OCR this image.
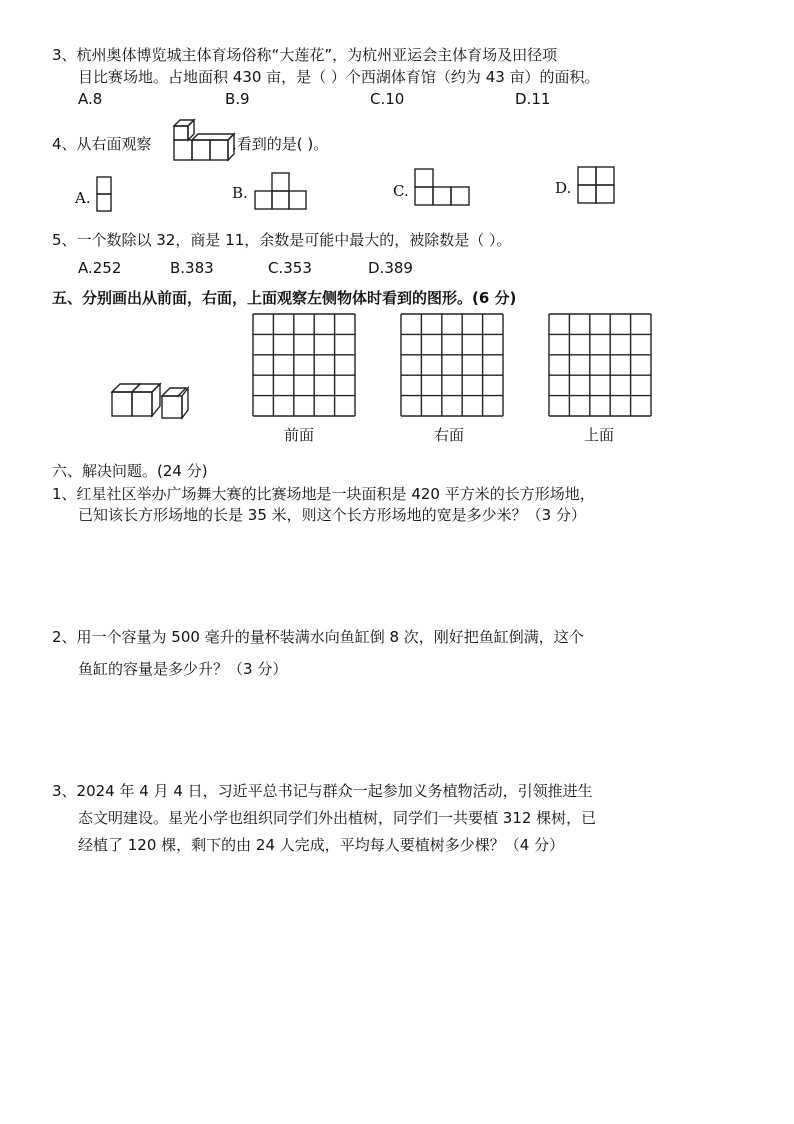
3、杭州奥体博览城主体育场俗称“大莲花”，为杭州亚运会主体育场及田径项
目比赛场地。占地面积 430 亩，是（ ）个西湖体育馆（约为 43 亩）的面积。
A.8	B.9	C.10	D.11
4、从右面观察	,看到的是( )。
A.	B.	C.	D.
5、一个数除以 32，商是 11，余数是可能中最大的，被除数是（ ）。
A.252	B.383	C.353	D.389
五、分别画出从前面，右面，上面观察左侧物体时看到的图形。(6 分)
前面	右面	上面
六、解决问题。(24 分)
1、红星社区举办广场舞大赛的比赛场地是一块面积是 420 平方米的长方形场地，
已知该长方形场地的长是 35 米，则这个长方形场地的宽是多少米？（3 分）
2、用一个容量为 500 毫升的量杯装满水向鱼缸倒 8 次，刚好把鱼缸倒满，这个
鱼缸的容量是多少升？（3 分）
3、2024 年 4 月 4 日，习近平总书记与群众一起参加义务植物活动，引领推进生
态文明建设。星光小学也组织同学们外出植树，同学们一共要植 312 棵树，已
经植了 120 棵，剩下的由 24 人完成，平均每人要植树多少棵？（4 分）
